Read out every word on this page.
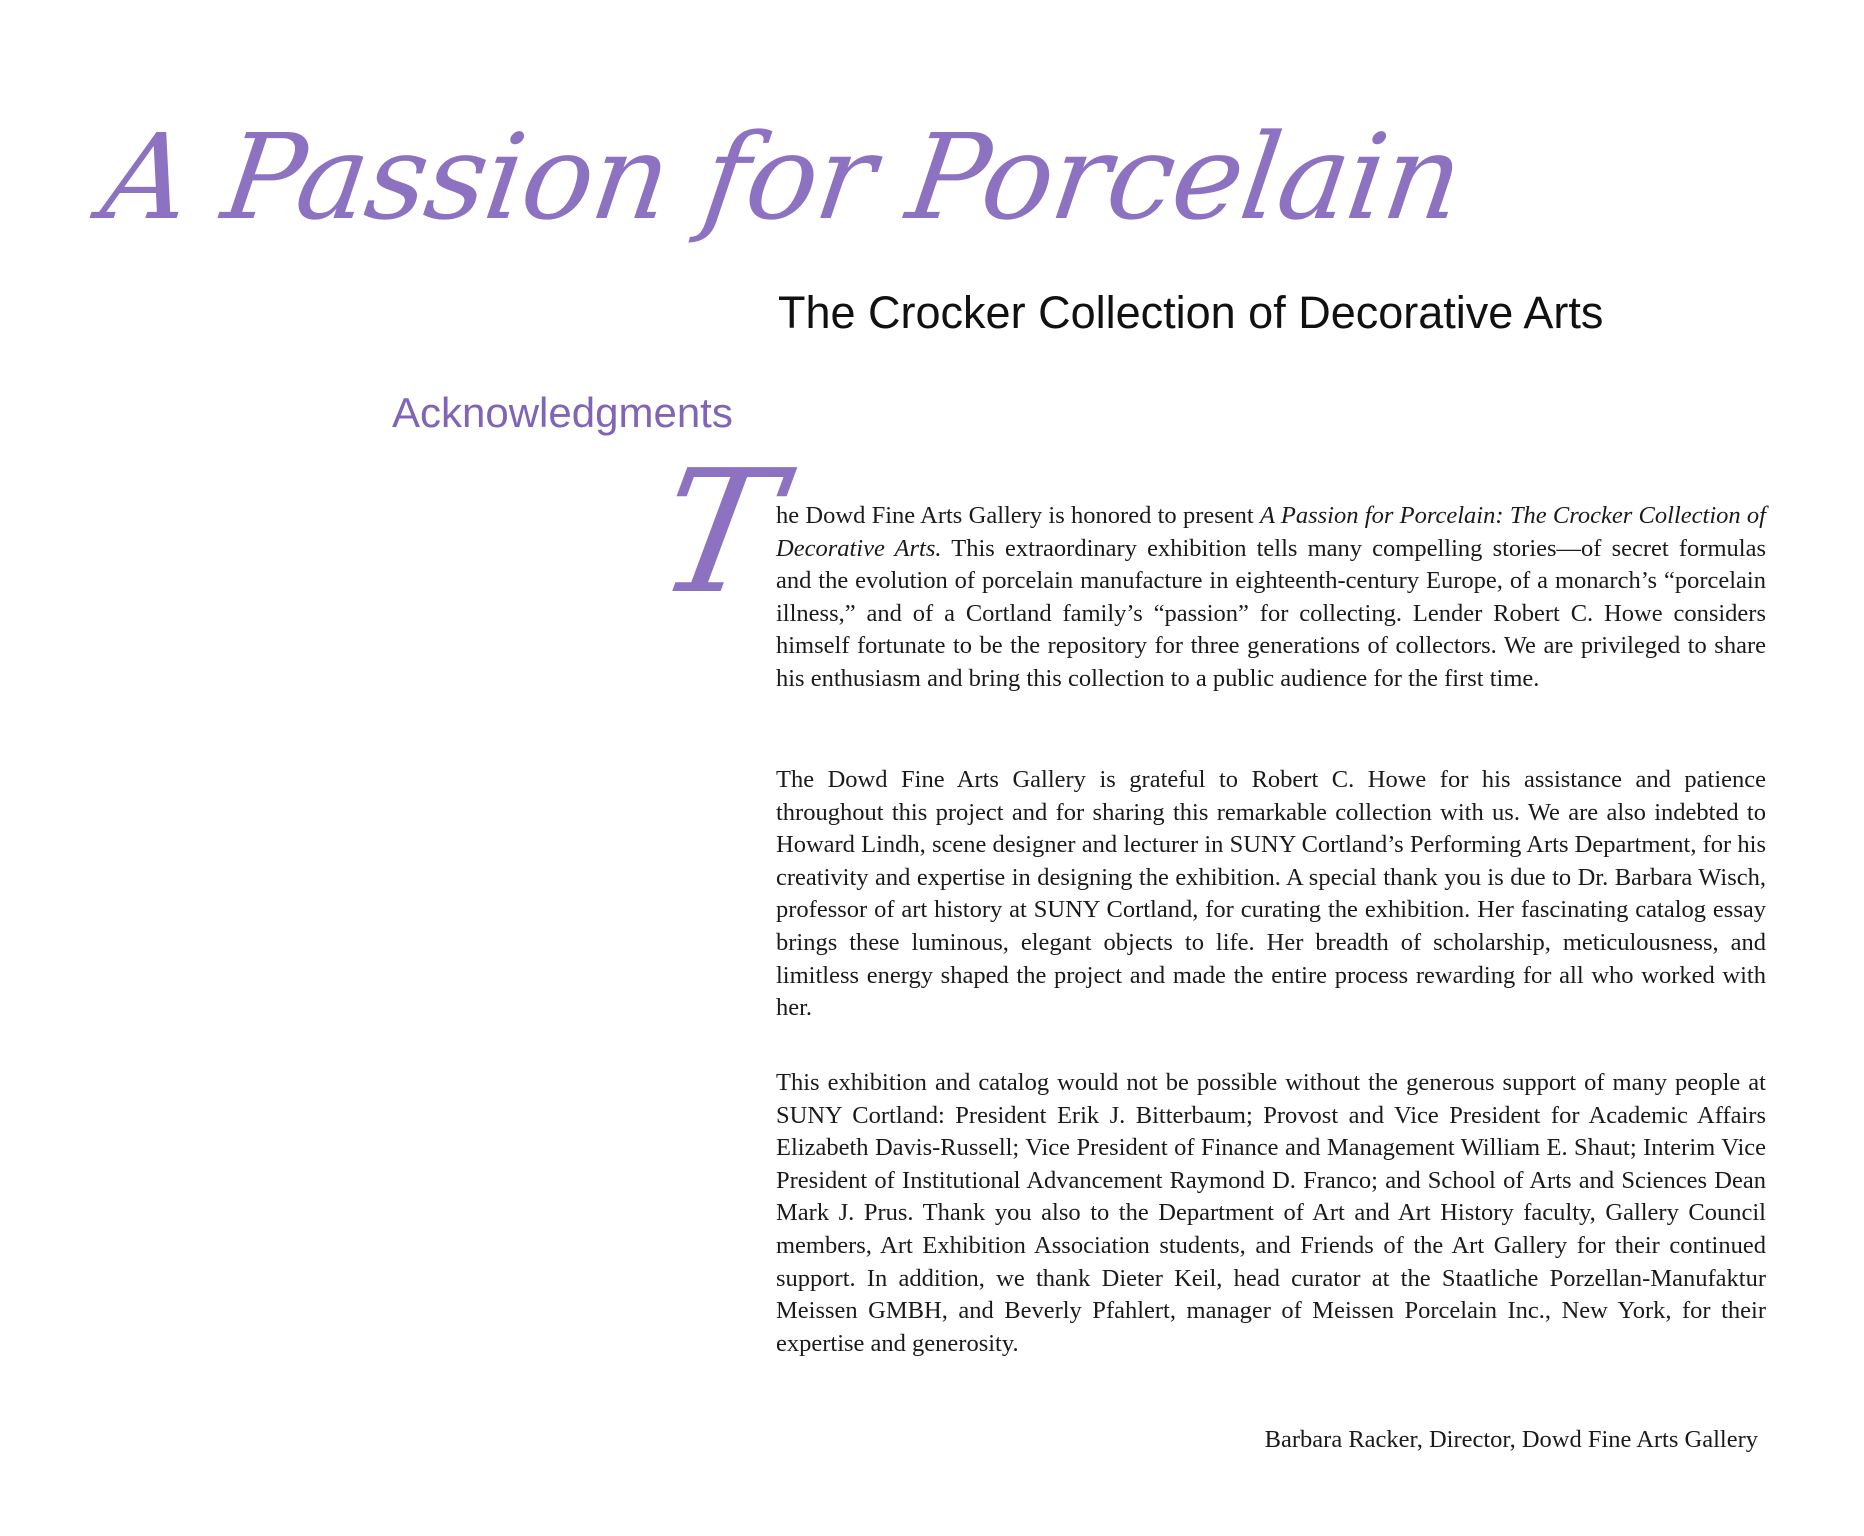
A Passion for Porcelain
The Crocker Collection of Decorative Arts
Acknowledgments
T

he Dowd Fine Arts Gallery is honored to present A Passion for Porcelain: The Crocker Collection of Decorative Arts. This extraordinary exhibition tells many compelling stories—of secret formulas and the evolution of porcelain manufacture in eighteenth-century Europe, of a monarch’s “porcelain illness,” and of a Cortland family’s “passion” for collecting. Lender Robert C. Howe considers himself fortunate to be the repository for three generations of collectors. We are privileged to share his enthusiasm and bring this collection to a public audience for the first time.

The Dowd Fine Arts Gallery is grateful to Robert C. Howe for his assistance and patience throughout this project and for sharing this remarkable collection with us. We are also indebted to Howard Lindh, scene designer and lecturer in SUNY Cortland’s Performing Arts Department, for his creativity and expertise in designing the exhibition. A special thank you is due to Dr. Barbara Wisch, professor of art history at SUNY Cortland, for curating the exhibition. Her fascinating catalog essay brings these luminous, elegant objects to life. Her breadth of scholarship, meticulousness, and limitless energy shaped the project and made the entire process rewarding for all who worked with her.

This exhibition and catalog would not be possible without the generous support of many people at SUNY Cortland: President Erik J. Bitterbaum; Provost and Vice President for Academic Affairs Elizabeth Davis-Russell; Vice President of Finance and Management William E. Shaut; Interim Vice President of Institutional Advancement Raymond D. Franco; and School of Arts and Sciences Dean Mark J. Prus. Thank you also to the Department of Art and Art History faculty, Gallery Council members, Art Exhibition Association students, and Friends of the Art Gallery for their continued support. In addition, we thank Dieter Keil, head curator at the Staatliche Porzellan-Manufaktur Meissen GMBH, and Beverly Pfahlert, manager of Meissen Porcelain Inc., New York, for their expertise and generosity.

Barbara Racker, Director, Dowd Fine Arts Gallery
